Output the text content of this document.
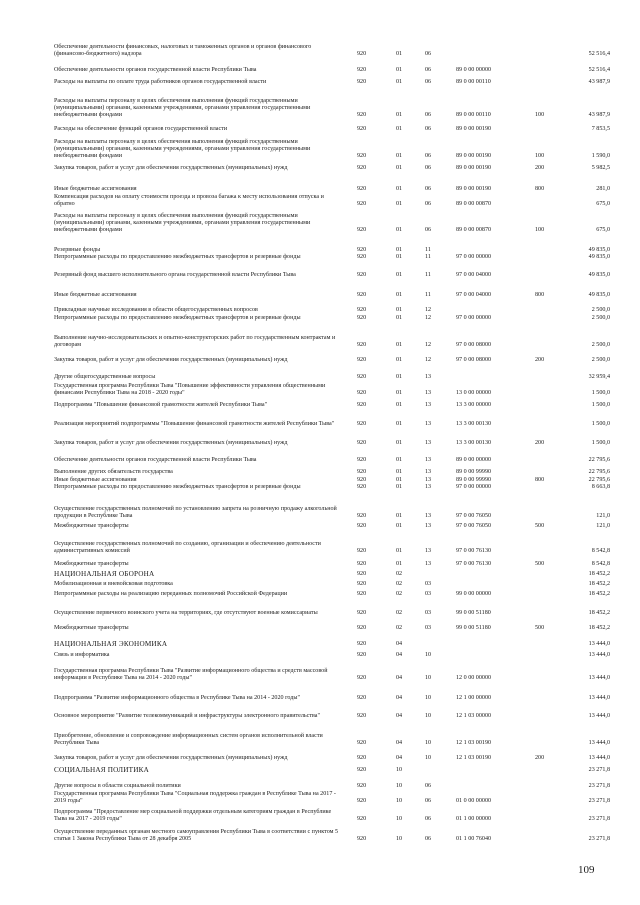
Обеспечение деятельности финансовых, налоговых и таможенных органов и органов финансового (финансово-бюджетного) надзора	920	01	06	52 516,4
Обеспечение деятельности органов государственной власти Республики Тыва	920	01	06	89 0 00 00000	52 516,4
Расходы на выплаты по оплате труда работников органов государственной власти	920	01	06	89 0 00 00110	43 987,9
Расходы на выплаты персоналу в целях обеспечения выполнения функций государственными (муниципальными) органами, казенными учреждениями, органами управления государственными внебюджетными фондами	920	01	06	89 0 00 00110	100	43 987,9
Расходы на обеспечение функций органов государственной власти	920	01	06	89 0 00 00190	7 853,5
Расходы на выплаты персоналу в целях обеспечения выполнения функций государственными (муниципальными) органами, казенными учреждениями, органами управления государственными внебюджетными фондами	920	01	06	89 0 00 00190	100	1 590,0
Закупка товаров, работ и услуг для обеспечения государственных (муниципальных) нужд	920	01	06	89 0 00 00190	200	5 982,5
Иные бюджетные ассигнования	920	01	06	89 0 00 00190	800	281,0
Компенсация расходов на оплату стоимости проезда и провоза багажа к месту использования отпуска и обратно	920	01	06	89 0 00 00870	675,0
Расходы на выплаты персоналу в целях обеспечения выполнения функций государственными (муниципальными) органами, казенными учреждениями, органами управления государственными внебюджетными фондами	920	01	06	89 0 00 00870	100	675,0
Резервные фонды	920	01	11	49 835,0
Непрограммные расходы по предоставлению межбюджетных трансфертов и резервные фонды	920	01	11	97 0 00 00000	49 835,0
Резервный фонд высшего исполнительного органа государственной власти Республики Тыва	920	01	11	97 0 00 04000	49 835,0
Иные бюджетные ассигнования	920	01	11	97 0 00 04000	800	49 835,0
Прикладные научные исследования в области общегосударственных вопросов	920	01	12	2 500,0
Непрограммные расходы по предоставлению межбюджетных трансфертов и резервные фонды	920	01	12	97 0 00 00000	2 500,0
Выполнение научно-исследовательских и опытно-конструкторских работ по государственным контрактам и договорам	920	01	12	97 0 00 08000	2 500,0
Закупка товаров, работ и услуг для обеспечения государственных (муниципальных) нужд	920	01	12	97 0 00 08000	200	2 500,0
Другие общегосударственные вопросы	920	01	13	32 959,4
Государственная программа Республики Тыва "Повышение эффективности управления общественными финансами Республики Тыва на 2018 - 2020 годы"	920	01	13	13 0 00 00000	1 500,0
Подпрограмма "Повышение финансовой грамотности жителей Республики Тыва"	920	01	13	13 3 00 00000	1 500,0
Реализация мероприятий подпрограммы "Повышение финансовой грамотности жителей Республики Тыва"	920	01	13	13 3 00 00130	1 500,0
Закупка товаров, работ и услуг для обеспечения государственных (муниципальных) нужд	920	01	13	13 3 00 00130	200	1 500,0
Обеспечение деятельности органов государственной власти Республики Тыва	920	01	13	89 0 00 00000	22 795,6
Выполнение других обязательств государства	920	01	13	89 0 00 99990	22 795,6
Иные бюджетные ассигнования	920	01	13	89 0 00 99990	800	22 795,6
Непрограммные расходы по предоставлению межбюджетных трансфертов и резервные фонды	920	01	13	97 0 00 00000	8 663,8
Осуществление государственных полномочий по установлению запрета на розничную продажу алкогольной продукции в Республике Тыва	920	01	13	97 0 00 76050	121,0
Межбюджетные трансферты	920	01	13	97 0 00 76050	500	121,0
Осуществление государственных полномочий по созданию, организации и обеспечению деятельности административных комиссий	920	01	13	97 0 00 76130	8 542,8
Межбюджетные трансферты	920	01	13	97 0 00 76130	500	8 542,8
НАЦИОНАЛЬНАЯ ОБОРОНА	920	02	18 452,2
Мобилизационная и вневойсковая подготовка	920	02	03	18 452,2
Непрограммные расходы на реализацию переданных полномочий Российской Федерации	920	02	03	99 0 00 00000	18 452,2
Осуществление первичного воинского учета на территориях, где отсутствуют военные комиссариаты	920	02	03	99 0 00 51180	18 452,2
Межбюджетные трансферты	920	02	03	99 0 00 51180	500	18 452,2
НАЦИОНАЛЬНАЯ ЭКОНОМИКА	920	04	13 444,0
Связь и информатика	920	04	10	13 444,0
Государственная программа Республики Тыва "Развитие информационного общества и средств массовой информации в Республике Тыва на 2014 - 2020 годы"	920	04	10	12 0 00 00000	13 444,0
Подпрограмма "Развитие информационного общества в Республике Тыва на 2014 - 2020 годы"	920	04	10	12 1 00 00000	13 444,0
Основное мероприятие "Развитие телекоммуникаций и инфраструктуры электронного правительства"	920	04	10	12 1 03 00000	13 444,0
Приобретение, обновление и сопровождение информационных систем органов исполнительной власти Республики Тыва	920	04	10	12 1 03 00190	13 444,0
Закупка товаров, работ и услуг для обеспечения государственных (муниципальных) нужд	920	04	10	12 1 03 00190	200	13 444,0
СОЦИАЛЬНАЯ ПОЛИТИКА	920	10	23 271,8
Другие вопросы в области социальной политики	920	10	06	23 271,8
Государственная программа Республики Тыва "Социальная поддержка граждан в Республике Тыва на 2017 - 2019 годы"	920	10	06	01 0 00 00000	23 271,8
Подпрограмма "Предоставление мер социальной поддержки отдельным категориям граждан в Республике Тыва на 2017 - 2019 годы"	920	10	06	01 1 00 00000	23 271,8
Осуществление переданных органам местного самоуправления Республики Тыва в соответствии с пунктом 5 статьи 1 Закона Республики Тыва от 28 декабря 2005	920	10	06	01 1 00 76040	23 271,8
109
